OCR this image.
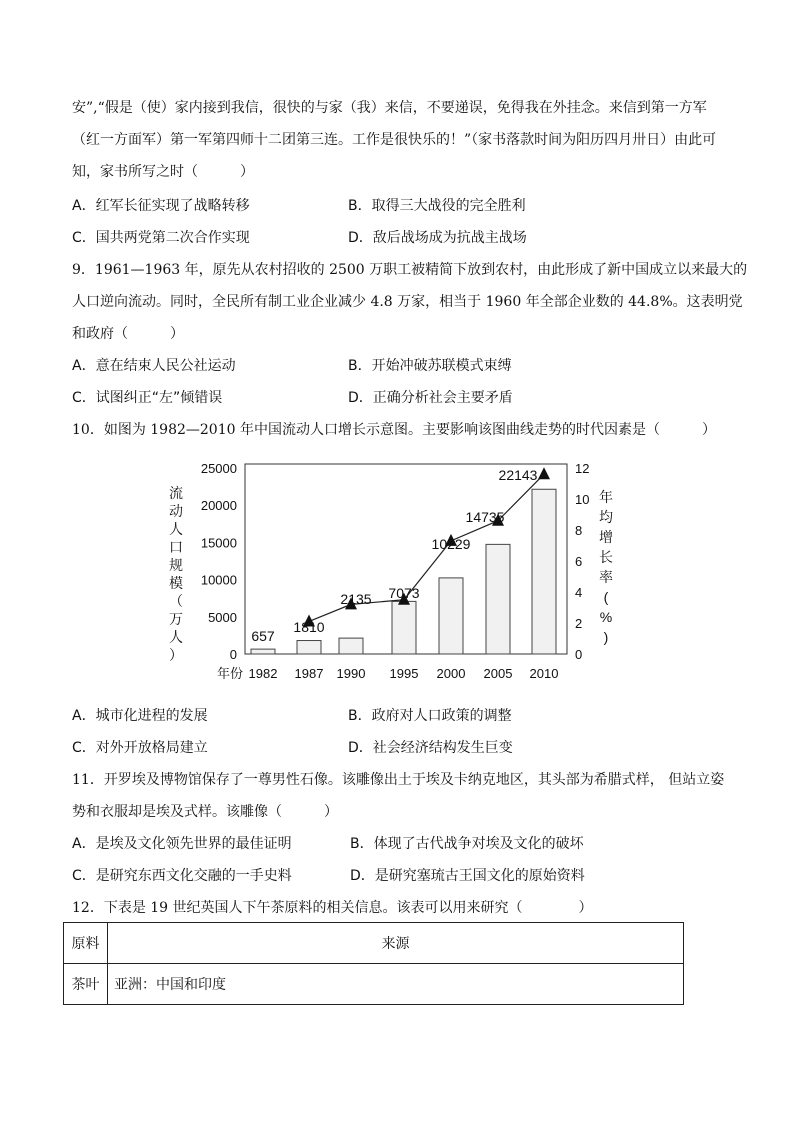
安”,“假是（使）家内接到我信，很快的与家（我）来信，不要递误，免得我在外挂念。来信到第一方军
（红一方面军）第一军第四师十二团第三连。工作是很快乐的！”（家书落款时间为阳历四月卅日）由此可
知，家书所写之时（　　　）
A．红军长征实现了战略转移	B．取得三大战役的完全胜利
C．国共两党第二次合作实现	D．敌后战场成为抗战主战场
9．1961—1963 年，原先从农村招收的 2500 万职工被精简下放到农村，由此形成了新中国成立以来最大的
人口逆向流动。同时，全民所有制工业企业减少 4.8 万家，相当于 1960 年全部企业数的 44.8%。这表明党
和政府（　　　）
A．意在结束人民公社运动	B．开始冲破苏联模式束缚
C．试图纠正“左”倾错误	D．正确分析社会主要矛盾
10．如图为 1982—2010 年中国流动人口增长示意图。主要影响该图曲线走势的时代因素是（　　　）
流动人口规模（万人）
年均增长率( % )
25000
20000
15000
10000
5000
0
12
10
8
6
4
2
0
657
1810
2135 7073
10229
14735
22143
1982 1987 1990 1995 2000 2005 2010
年份
A．城市化进程的发展	B．政府对人口政策的调整
C．对外开放格局建立	D．社会经济结构发生巨变
11．开罗埃及博物馆保存了一尊男性石像。该雕像出土于埃及卡纳克地区，其头部为希腊式样， 但站立姿
势和衣服却是埃及式样。该雕像（　　　）
A．是埃及文化领先世界的最佳证明	B．体现了古代战争对埃及文化的破坏
C．是研究东西文化交融的一手史料	D．是研究塞琉古王国文化的原始资料
12．下表是 19 世纪英国人下午茶原料的相关信息。该表可以用来研究（　　　　）
原料	来源
茶叶	亚洲：中国和印度
